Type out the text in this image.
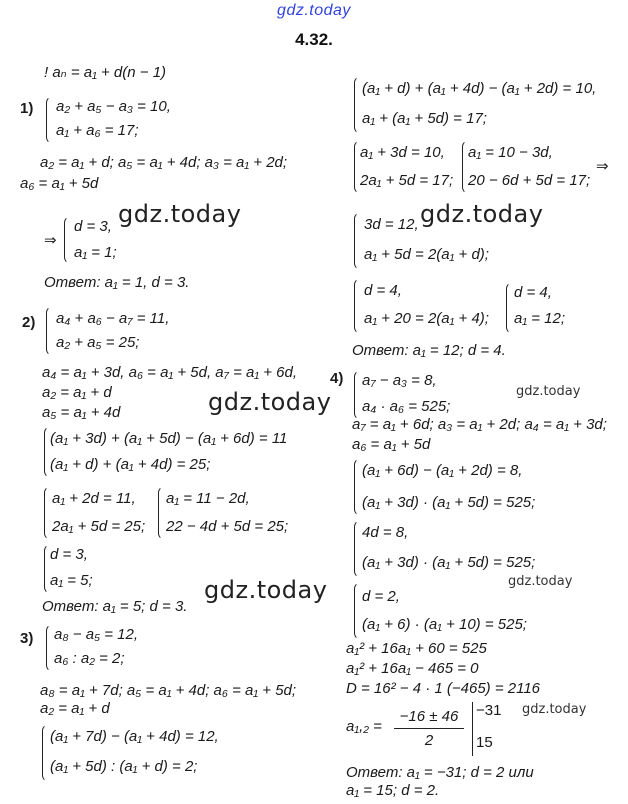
gdz.today
4.32.
! aₙ = a₁ + d(n − 1)
1) a₂ + a₅ − a₃ = 10,
a₁ + a₆ = 17;
a₂ = a₁ + d; a₅ = a₁ + 4d; a₃ = a₁ + 2d;
a₆ = a₁ + 5d
⇒
d = 3,
a₁ = 1;
Ответ: a₁ = 1, d = 3.
2) a₄ + a₆ − a₇ = 11,
a₂ + a₅ = 25;
a₄ = a₁ + 3d, a₆ = a₁ + 5d, a₇ = a₁ + 6d,
a₂ = a₁ + d
a₅ = a₁ + 4d
(a₁ + 3d) + (a₁ + 5d) − (a₁ + 6d) = 11
(a₁ + d) + (a₁ + 4d) = 25;
a₁ + 2d = 11,
2a₁ + 5d = 25;
a₁ = 11 − 2d,
22 − 4d + 5d = 25;
d = 3,
a₁ = 5;
Ответ: a₁ = 5; d = 3.
3) a₈ − a₅ = 12,
a₆ : a₂ = 2;
a₈ = a₁ + 7d; a₅ = a₁ + 4d; a₆ = a₁ + 5d;
a₂ = a₁ + d
(a₁ + 7d) − (a₁ + 4d) = 12,
(a₁ + 5d) : (a₁ + d) = 2;
(a₁ + d) + (a₁ + 4d) − (a₁ + 2d) = 10,
a₁ + (a₁ + 5d) = 17;
a₁ + 3d = 10,
2a₁ + 5d = 17;
a₁ = 10 − 3d,
20 − 6d + 5d = 17;
⇒
3d = 12,
a₁ + 5d = 2(a₁ + d);
d = 4,
a₁ + 20 = 2(a₁ + 4);
d = 4,
a₁ = 12;
Ответ: a₁ = 12; d = 4.
4) a₇ − a₃ = 8,
a₄ · a₆ = 525;
a₇ = a₁ + 6d; a₃ = a₁ + 2d; a₄ = a₁ + 3d;
a₆ = a₁ + 5d
(a₁ + 6d) − (a₁ + 2d) = 8,
(a₁ + 3d) · (a₁ + 5d) = 525;
4d = 8,
(a₁ + 3d) · (a₁ + 5d) = 525;
d = 2,
(a₁ + 6) · (a₁ + 10) = 525;
a₁² + 16a₁ + 60 = 525
a₁² + 16a₁ − 465 = 0
D = 16² − 4 · 1 (−465) = 2116
a₁,₂ =
−16 ± 46
2
−31
15
Ответ: a₁ = −31; d = 2 или
a₁ = 15; d = 2.
gdz.today	gdz.today
gdz.today
gdz.today
gdz.today
gdz.today
gdz.today
